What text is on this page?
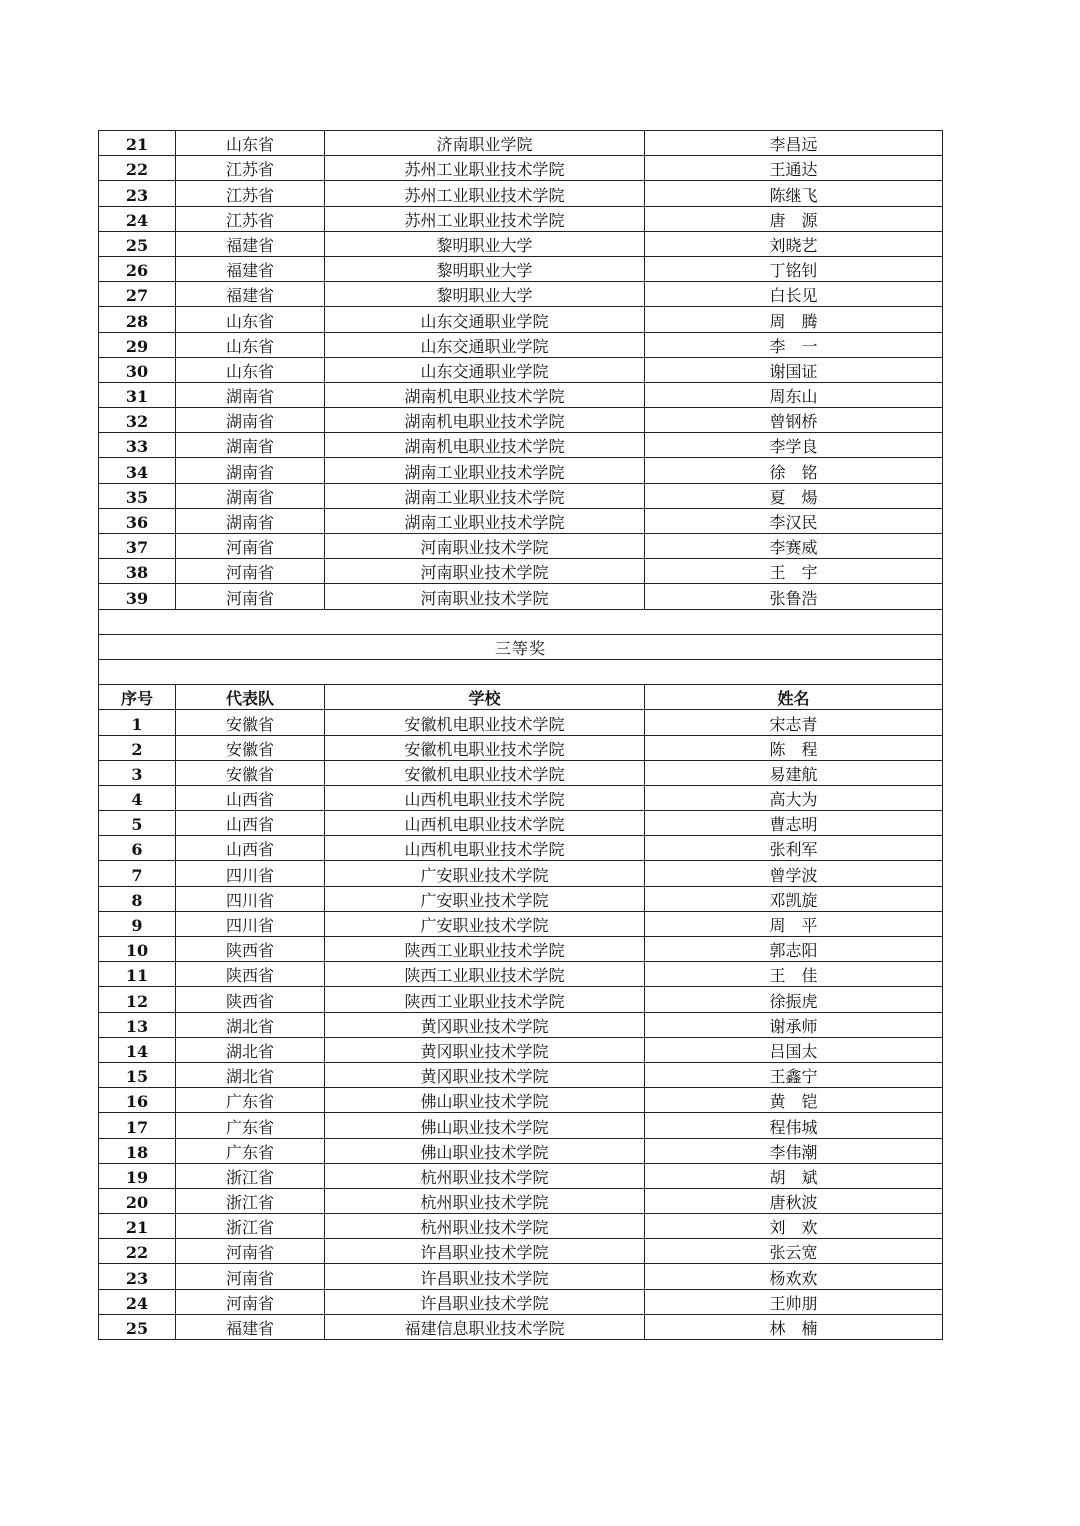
21	山东省	济南职业学院	李昌远
22	江苏省	苏州工业职业技术学院	王通达
23	江苏省	苏州工业职业技术学院	陈继飞
24	江苏省	苏州工业职业技术学院	唐　源
25	福建省	黎明职业大学	刘晓艺
26	福建省	黎明职业大学	丁铭钊
27	福建省	黎明职业大学	白长见
28	山东省	山东交通职业学院	周　腾
29	山东省	山东交通职业学院	李　一
30	山东省	山东交通职业学院	谢国证
31	湖南省	湖南机电职业技术学院	周东山
32	湖南省	湖南机电职业技术学院	曾钢桥
33	湖南省	湖南机电职业技术学院	李学良
34	湖南省	湖南工业职业技术学院	徐　铭
35	湖南省	湖南工业职业技术学院	夏　煬
36	湖南省	湖南工业职业技术学院	李汉民
37	河南省	河南职业技术学院	李赛威
38	河南省	河南职业技术学院	王　宇
39	河南省	河南职业技术学院	张鲁浩

三等奖			

序号	代表队	学校	姓名
1	安徽省	安徽机电职业技术学院	宋志青
2	安徽省	安徽机电职业技术学院	陈　程
3	安徽省	安徽机电职业技术学院	易建航
4	山西省	山西机电职业技术学院	高大为
5	山西省	山西机电职业技术学院	曹志明
6	山西省	山西机电职业技术学院	张利军
7	四川省	广安职业技术学院	曾学波
8	四川省	广安职业技术学院	邓凯旋
9	四川省	广安职业技术学院	周　平
10	陕西省	陕西工业职业技术学院	郭志阳
11	陕西省	陕西工业职业技术学院	王　佳
12	陕西省	陕西工业职业技术学院	徐振虎
13	湖北省	黄冈职业技术学院	谢承师
14	湖北省	黄冈职业技术学院	吕国太
15	湖北省	黄冈职业技术学院	王鑫宁
16	广东省	佛山职业技术学院	黄　铠
17	广东省	佛山职业技术学院	程伟城
18	广东省	佛山职业技术学院	李伟潮
19	浙江省	杭州职业技术学院	胡　斌
20	浙江省	杭州职业技术学院	唐秋波
21	浙江省	杭州职业技术学院	刘　欢
22	河南省	许昌职业技术学院	张云宽
23	河南省	许昌职业技术学院	杨欢欢
24	河南省	许昌职业技术学院	王帅朋
25	福建省	福建信息职业技术学院	林　楠
